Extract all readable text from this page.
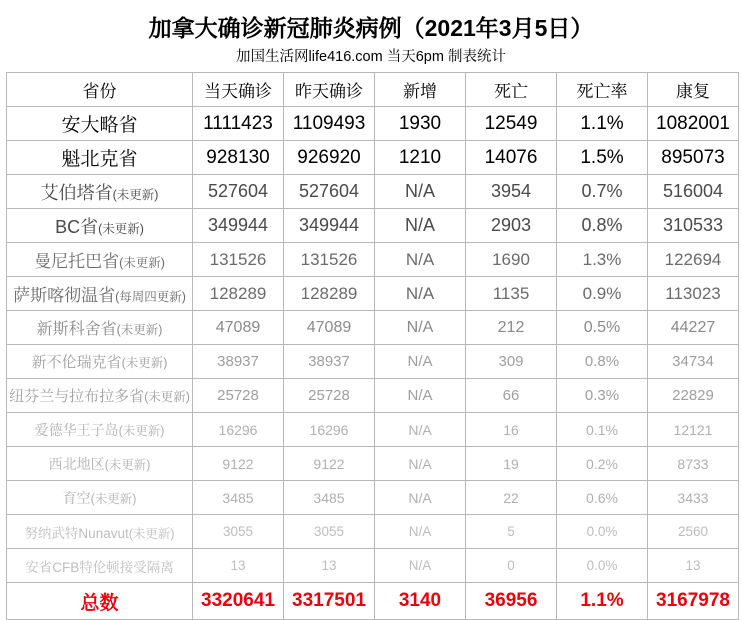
加拿大确诊新冠肺炎病例（2021年3月5日）
加国生活网life416.com 当天6pm 制表统计
省份	当天确诊	昨天确诊	新增	死亡	死亡率	康复
安大略省	1111423	1109493	1930	12549	1.1%	1082001
魁北克省	928130	926920	1210	14076	1.5%	895073
艾伯塔省(未更新)	527604	527604	N/A	3954	0.7%	516004
BC省(未更新)	349944	349944	N/A	2903	0.8%	310533
曼尼托巴省(未更新)	131526	131526	N/A	1690	1.3%	122694
萨斯喀彻温省(每周四更新)	128289	128289	N/A	1135	0.9%	113023
新斯科舍省(未更新)	47089	47089	N/A	212	0.5%	44227
新不伦瑞克省(未更新)	38937	38937	N/A	309	0.8%	34734
纽芬兰与拉布拉多省(未更新)	25728	25728	N/A	66	0.3%	22829
爱德华王子岛(未更新)	16296	16296	N/A	16	0.1%	12121
西北地区(未更新)	9122	9122	N/A	19	0.2%	8733
育空(未更新)	3485	3485	N/A	22	0.6%	3433
努纳武特Nunavut(未更新)	3055	3055	N/A	5	0.0%	2560
安省CFB特伦顿接受隔离	13	13	N/A	0	0.0%	13
总数	3320641	3317501	3140	36956	1.1%	3167978
